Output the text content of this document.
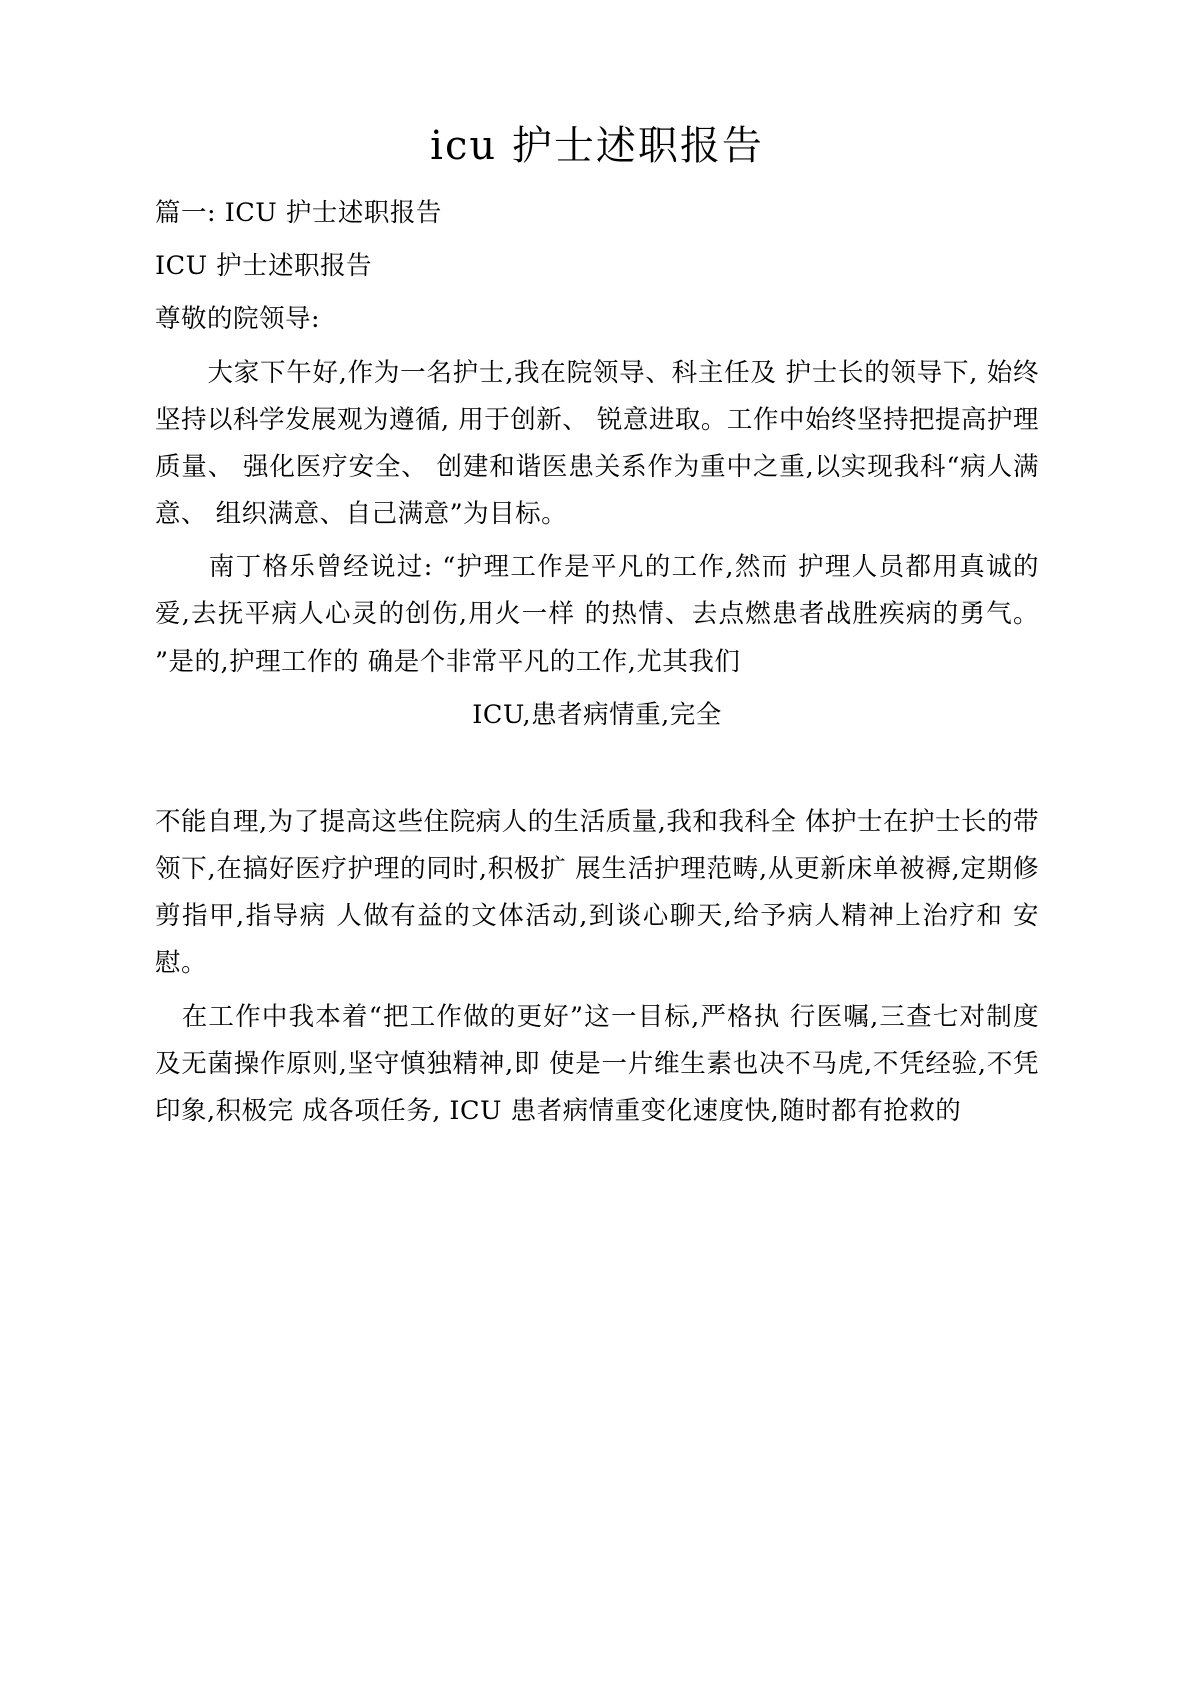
icu 护士述职报告

篇一: ICU 护士述职报告

ICU 护士述职报告

尊敬的院领导:

　　大家下午好,作为一名护士,我在院领导、科主任及 护士长的领导下, 始终坚持以科学发展观为遵循, 用于创新、 锐意进取。工作中始终坚持把提高护理质量、 强化医疗安全、 创建和谐医患关系作为重中之重,以实现我科“病人满意、 组织满意、自己满意”为目标。

　　南丁格乐曾经说过: “护理工作是平凡的工作,然而 护理人员都用真诚的爱,去抚平病人心灵的创伤,用火一样 的热情、去点燃患者战胜疾病的勇气。 ”是的,护理工作的 确是个非常平凡的工作,尤其我们

ICU,患者病情重,完全

不能自理,为了提高这些住院病人的生活质量,我和我科全 体护士在护士长的带领下,在搞好医疗护理的同时,积极扩 展生活护理范畴,从更新床单被褥,定期修剪指甲,指导病 人做有益的文体活动,到谈心聊天,给予病人精神上治疗和 安慰。

　在工作中我本着“把工作做的更好”这一目标,严格执 行医嘱,三查七对制度及无菌操作原则,坚守慎独精神,即 使是一片维生素也决不马虎,不凭经验,不凭印象,积极完 成各项任务, ICU 患者病情重变化速度快,随时都有抢救的
